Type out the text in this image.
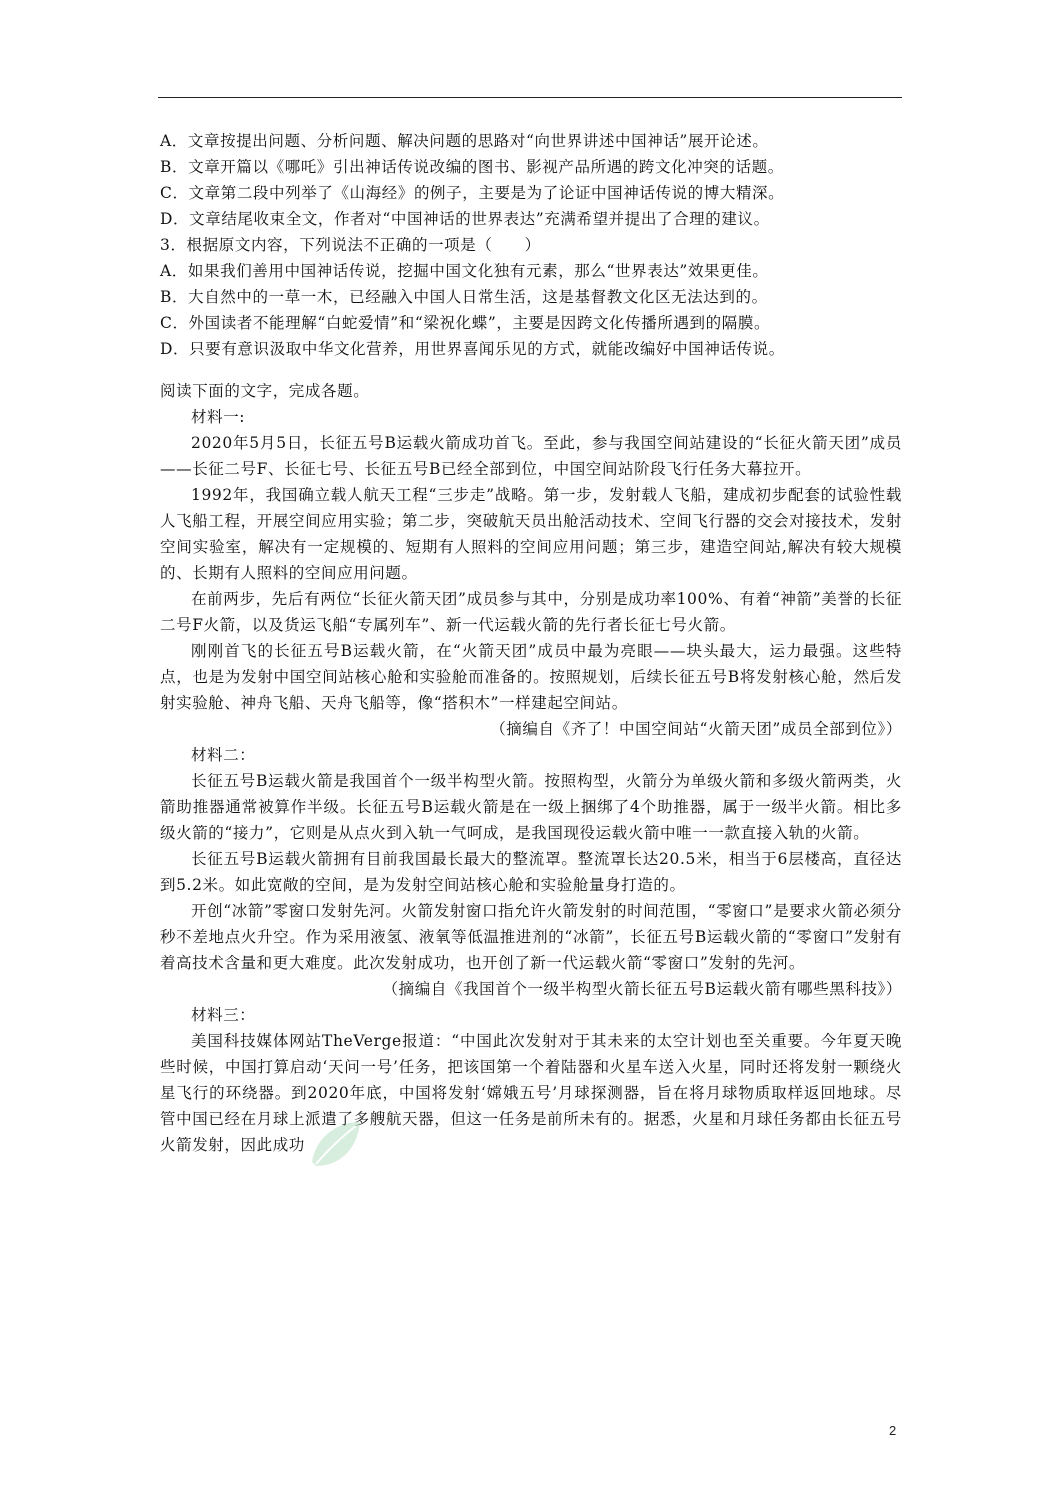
A．文章按提出问题、分析问题、解决问题的思路对“向世界讲述中国神话”展开论述。
B．文章开篇以《哪吒》引出神话传说改编的图书、影视产品所遇的跨文化冲突的话题。
C．文章第二段中列举了《山海经》的例子，主要是为了论证中国神话传说的博大精深。
D．文章结尾收束全文，作者对“中国神话的世界表达”充满希望并提出了合理的建议。
3．根据原文内容，下列说法不正确的一项是（　　）
A．如果我们善用中国神话传说，挖掘中国文化独有元素，那么“世界表达”效果更佳。
B．大自然中的一草一木，已经融入中国人日常生活，这是基督教文化区无法达到的。
C．外国读者不能理解“白蛇爱情”和“梁祝化蝶”，主要是因跨文化传播所遇到的隔膜。
D．只要有意识汲取中华文化营养，用世界喜闻乐见的方式，就能改编好中国神话传说。
阅读下面的文字，完成各题。
材料一:
2020年5月5日，长征五号B运载火箭成功首飞。至此，参与我国空间站建设的“长征火箭天团”成员——长征二号F、长征七号、长征五号B已经全部到位，中国空间站阶段飞行任务大幕拉开。
1992年，我国确立载人航天工程“三步走”战略。第一步，发射载人飞船，建成初步配套的试验性载人飞船工程，开展空间应用实验；第二步，突破航天员出舱活动技术、空间飞行器的交会对接技术，发射空间实验室，解决有一定规模的、短期有人照料的空间应用问题；第三步，建造空间站,解决有较大规模的、长期有人照料的空间应用问题。
在前两步，先后有两位“长征火箭天团”成员参与其中，分别是成功率100%、有着“神箭”美誉的长征二号F火箭，以及货运飞船“专属列车”、新一代运载火箭的先行者长征七号火箭。
刚刚首飞的长征五号B运载火箭，在“火箭天团”成员中最为亮眼——块头最大，运力最强。这些特点，也是为发射中国空间站核心舱和实验舱而准备的。按照规划，后续长征五号B将发射核心舱，然后发射实验舱、神舟飞船、天舟飞船等，像“搭积木”一样建起空间站。
（摘编自《齐了！中国空间站“火箭天团”成员全部到位》）
材料二：
长征五号B运载火箭是我国首个一级半构型火箭。按照构型，火箭分为单级火箭和多级火箭两类，火箭助推器通常被算作半级。长征五号B运载火箭是在一级上捆绑了4个助推器，属于一级半火箭。相比多级火箭的“接力”，它则是从点火到入轨一气呵成，是我国现役运载火箭中唯一一款直接入轨的火箭。
长征五号B运载火箭拥有目前我国最长最大的整流罩。整流罩长达20.5米，相当于6层楼高，直径达到5.2米。如此宽敞的空间，是为发射空间站核心舱和实验舱量身打造的。
开创“冰箭”零窗口发射先河。火箭发射窗口指允许火箭发射的时间范围，“零窗口”是要求火箭必须分秒不差地点火升空。作为采用液氢、液氧等低温推进剂的“冰箭”，长征五号B运载火箭的“零窗口”发射有着高技术含量和更大难度。此次发射成功，也开创了新一代运载火箭“零窗口”发射的先河。
（摘编自《我国首个一级半构型火箭长征五号B运载火箭有哪些黑科技》）
材料三：
美国科技媒体网站TheVerge报道：“中国此次发射对于其未来的太空计划也至关重要。今年夏天晚些时候，中国打算启动‘天问一号’任务，把该国第一个着陆器和火星车送入火星，同时还将发射一颗绕火星飞行的环绕器。到2020年底，中国将发射‘嫦娥五号’月球探测器，旨在将月球物质取样返回地球。尽管中国已经在月球上派遣了多艘航天器，但这一任务是前所未有的。据悉，火星和月球任务都由长征五号火箭发射，因此成功
2
